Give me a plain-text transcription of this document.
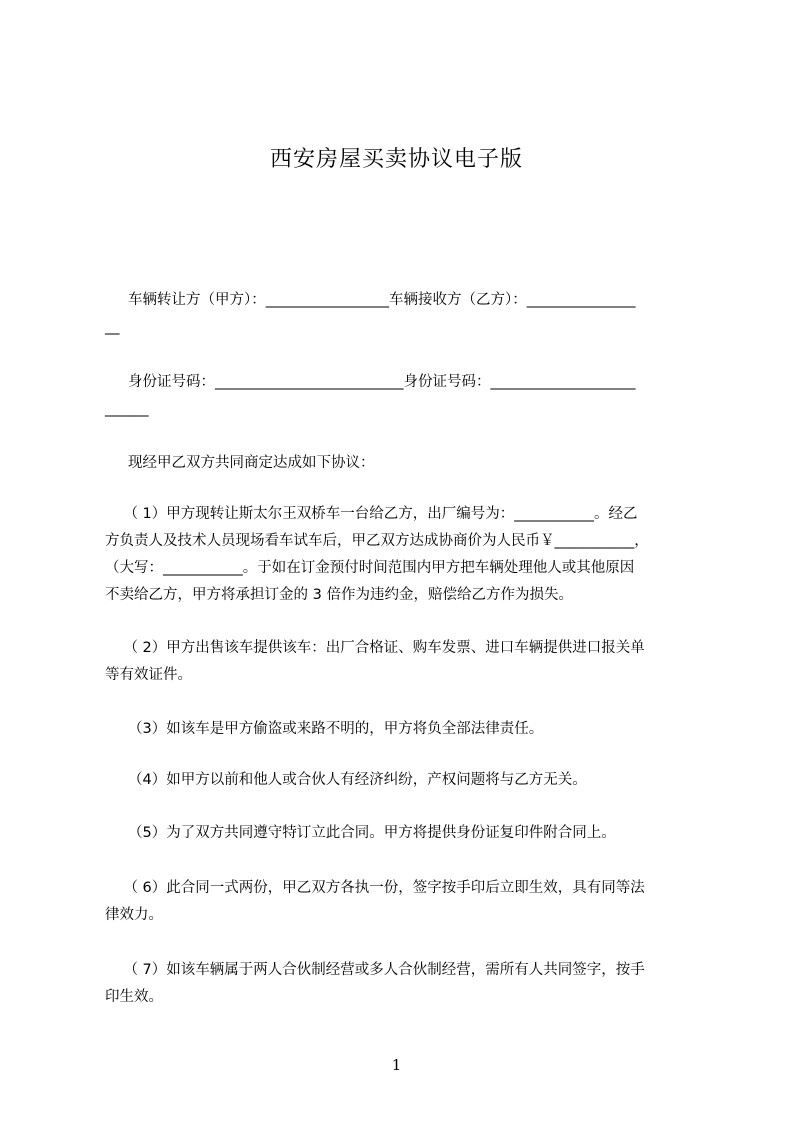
西安房屋买卖协议电子版
车辆转让方（甲方）：_________________车辆接收方（乙方）：_______________
__
身份证号码：__________________________身份证号码：____________________
______
现经甲乙双方共同商定达成如下协议：
（ 1）甲方现转让斯太尔王双桥车一台给乙方，出厂编号为：___________。经乙
方负责人及技术人员现场看车试车后，甲乙双方达成协商价为人民币￥___________，
（大写：___________。于如在订金预付时间范围内甲方把车辆处理他人或其他原因
不卖给乙方，甲方将承担订金的 3 倍作为违约金，赔偿给乙方作为损失。
（ 2）甲方出售该车提供该车：出厂合格证、购车发票、进口车辆提供进口报关单
等有效证件。
（3）如该车是甲方偷盗或来路不明的，甲方将负全部法律责任。
（4）如甲方以前和他人或合伙人有经济纠纷，产权问题将与乙方无关。
（5）为了双方共同遵守特订立此合同。甲方将提供身份证复印件附合同上。
（ 6）此合同一式两份，甲乙双方各执一份，签字按手印后立即生效，具有同等法
律效力。
（ 7）如该车辆属于两人合伙制经营或多人合伙制经营，需所有人共同签字，按手
印生效。
1
